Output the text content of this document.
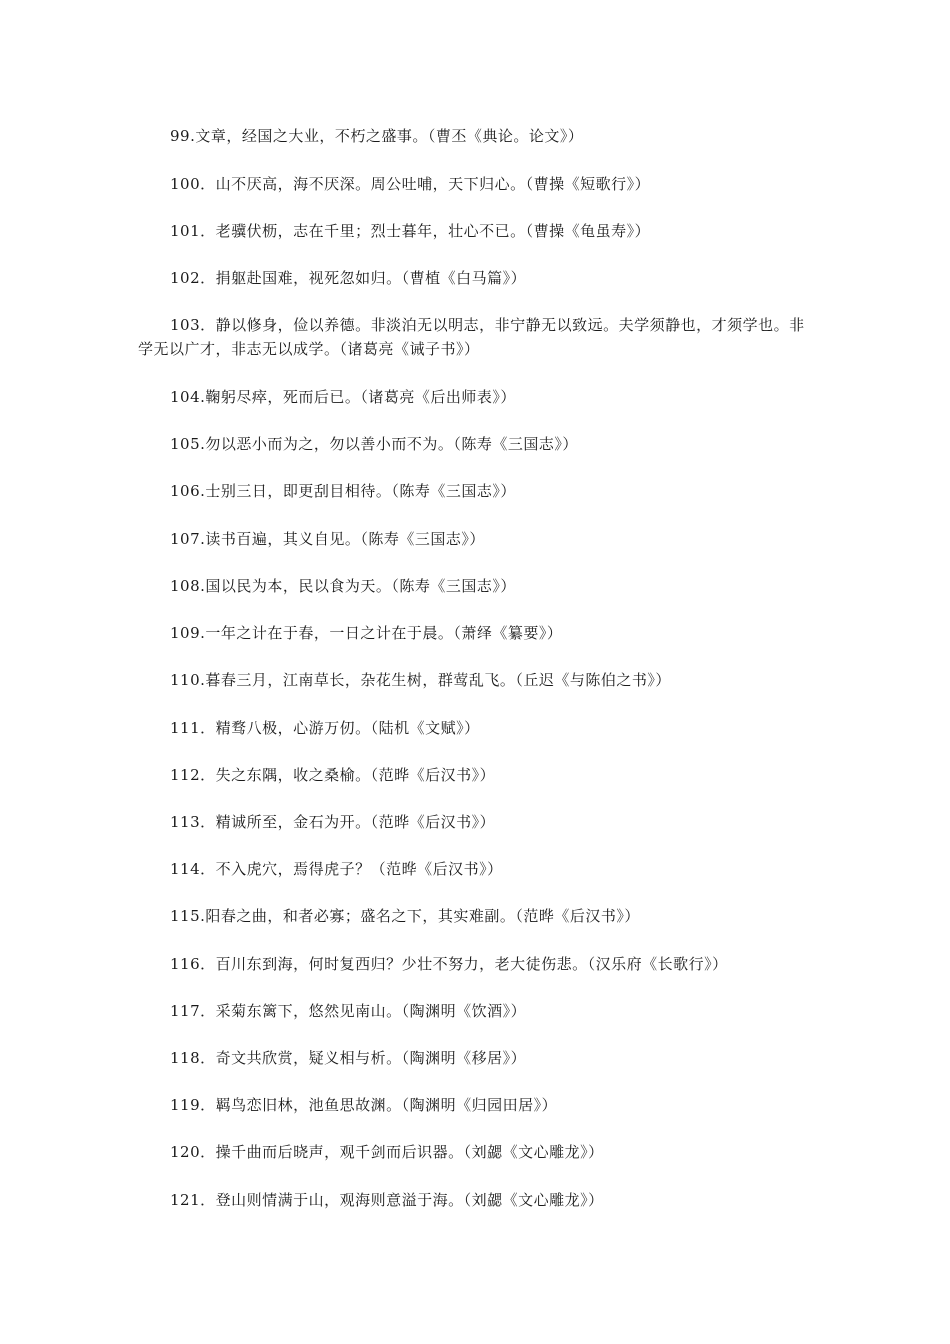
99.文章，经国之大业，不朽之盛事。（曹丕《典论。论文》）

100．山不厌高，海不厌深。周公吐哺，天下归心。（曹操《短歌行》）

101．老骥伏枥，志在千里；烈士暮年，壮心不已。（曹操《龟虽寿》）

102．捐躯赴国难，视死忽如归。（曹植《白马篇》）

103．静以修身，俭以养德。非淡泊无以明志，非宁静无以致远。夫学须静也，才须学也。非学无以广才，非志无以成学。（诸葛亮《诫子书》）

104.鞠躬尽瘁，死而后已。（诸葛亮《后出师表》）

105.勿以恶小而为之，勿以善小而不为。（陈寿《三国志》）

106.士别三日，即更刮目相待。（陈寿《三国志》）

107.读书百遍，其义自见。（陈寿《三国志》）

108.国以民为本，民以食为天。（陈寿《三国志》）

109.一年之计在于春，一日之计在于晨。（萧绎《纂要》）

110.暮春三月，江南草长，杂花生树，群莺乱飞。（丘迟《与陈伯之书》）

111．精骛八极，心游万仞。（陆机《文赋》）

112．失之东隅，收之桑榆。（范晔《后汉书》）

113．精诚所至，金石为开。（范晔《后汉书》）

114．不入虎穴，焉得虎子？（范晔《后汉书》）

115.阳春之曲，和者必寡；盛名之下，其实难副。（范晔《后汉书》）

116．百川东到海，何时复西归？少壮不努力，老大徒伤悲。（汉乐府《长歌行》）

117．采菊东篱下，悠然见南山。（陶渊明《饮酒》）

118．奇文共欣赏，疑义相与析。（陶渊明《移居》）

119．羁鸟恋旧林，池鱼思故渊。（陶渊明《归园田居》）

120．操千曲而后晓声，观千剑而后识器。（刘勰《文心雕龙》）

121．登山则情满于山，观海则意溢于海。（刘勰《文心雕龙》）
